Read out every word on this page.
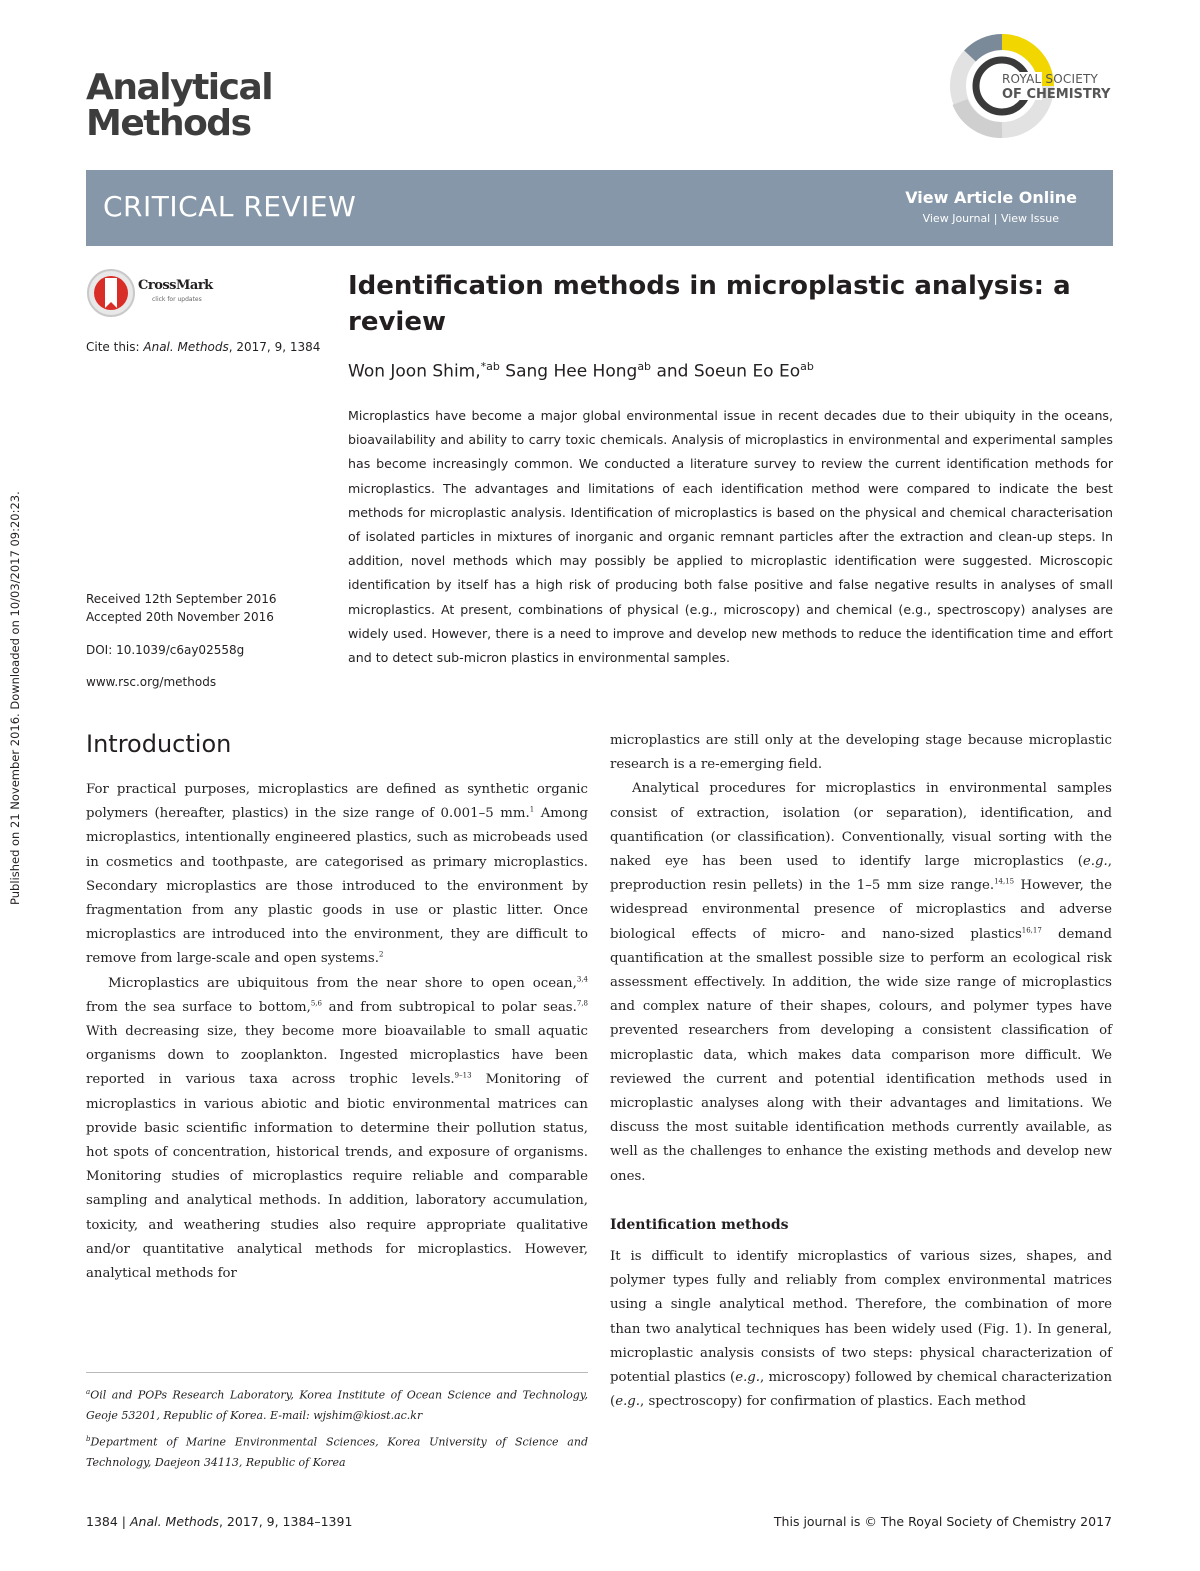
Analytical
Methods
ROYAL SOCIETY
OF CHEMISTRY
CRITICAL REVIEW	View Article Online
View Journal | View Issue
CrossMark
click for updates
Cite this: Anal. Methods, 2017, 9, 1384
Received 12th September 2016
Accepted 20th November 2016
DOI: 10.1039/c6ay02558g
www.rsc.org/methods
Identification methods in microplastic analysis: a review
Won Joon Shim,$^{*ab}$ Sang Hee Hong$^{ab}$ and Soeun Eo $Eo^{ab}$
Microplastics have become a major global environmental issue in recent decades due to their ubiquity in the oceans, bioavailability and ability to carry toxic chemicals. Analysis of microplastics in environmental and experimental samples has become increasingly common. We conducted a literature survey to review the current identification methods for microplastics. The advantages and limitations of each identification method were compared to indicate the best methods for microplastic analysis. Identification of microplastics is based on the physical and chemical characterisation of isolated particles in mixtures of inorganic and organic remnant particles after the extraction and clean-up steps. In addition, novel methods which may possibly be applied to microplastic identification were suggested. Microscopic identification by itself has a high risk of producing both false positive and false negative results in analyses of small microplastics. At present, combinations of physical (e.g., microscopy) and chemical (e.g., spectroscopy) analyses are widely used. However, there is a need to improve and develop new methods to reduce the identification time and effort and to detect sub-micron plastics in environmental samples.
Published on 21 November 2016. Downloaded on 10/03/2017 09:20:23.	Introduction

For practical purposes, microplastics are defined as synthetic organic polymers (hereafter, plastics) in the size range of 0.001–5 mm.$^1$ Among microplastics, intentionally engineered plastics, such as microbeads used in cosmetics and toothpaste, are categorised as primary microplastics. Secondary microplastics are those introduced to the environment by fragmentation from any plastic goods in use or plastic litter. Once microplastics are introduced into the environment, they are difficult to remove from large-scale and open systems.$^2$

Microplastics are ubiquitous from the near shore to open ocean,$^{3,4}$ from the sea surface to bottom,$^{5,6}$ and from subtropical to polar seas.$^{7,8}$ With decreasing size, they become more bioavailable to small aquatic organisms down to zooplankton. Ingested microplastics have been reported in various taxa across trophic levels.$^{9-13}$ Monitoring of microplastics in various abiotic and biotic environmental matrices can provide basic scientific information to determine their pollution status, hot spots of concentration, historical trends, and exposure of organisms. Monitoring studies of microplastics require reliable and comparable sampling and analytical methods. In addition, laboratory accumulation, toxicity, and weathering studies also require appropriate qualitative and/or quantitative analytical methods for microplastics. However, analytical methods for

microplastics are still only at the developing stage because microplastic research is a re-emerging field.

Analytical procedures for microplastics in environmental samples consist of extraction, isolation (or separation), identification, and quantification (or classification). Conventionally, visual sorting with the naked eye has been used to identify large microplastics (e.g., preproduction resin pellets) in the 1–5 mm size range.$^{14,15}$ However, the widespread environmental presence of microplastics and adverse biological effects of micro- and nano-sized plastics$^{16,17}$ demand quantification at the smallest possible size to perform an ecological risk assessment effectively. In addition, the wide size range of microplastics and complex nature of their shapes, colours, and polymer types have prevented researchers from developing a consistent classification of microplastic data, which makes data comparison more difficult. We reviewed the current and potential identification methods used in microplastic analyses along with their advantages and limitations. We discuss the most suitable identification methods currently available, as well as the challenges to enhance the existing methods and develop new ones.

Identification methods

It is difficult to identify microplastics of various sizes, shapes, and polymer types fully and reliably from complex environmental matrices using a single analytical method. Therefore, the combination of more than two analytical techniques has been widely used (Fig. 1). In general, microplastic analysis consists of two steps: physical characterization of potential plastics (e.g., microscopy) followed by chemical characterization (e.g., spectroscopy) for confirmation of plastics. Each method

$^a$Oil and POPs Research Laboratory, Korea Institute of Ocean Science and Technology, Geoje 53201, Republic of Korea. E-mail: wjshim@kiost.ac.kr

$^b$Department of Marine Environmental Sciences, Korea University of Science and Technology, Daejeon 34113, Republic of Korea

1384 | Anal. Methods, 2017, 9, 1384–1391	This journal is © The Royal Society of Chemistry 2017
